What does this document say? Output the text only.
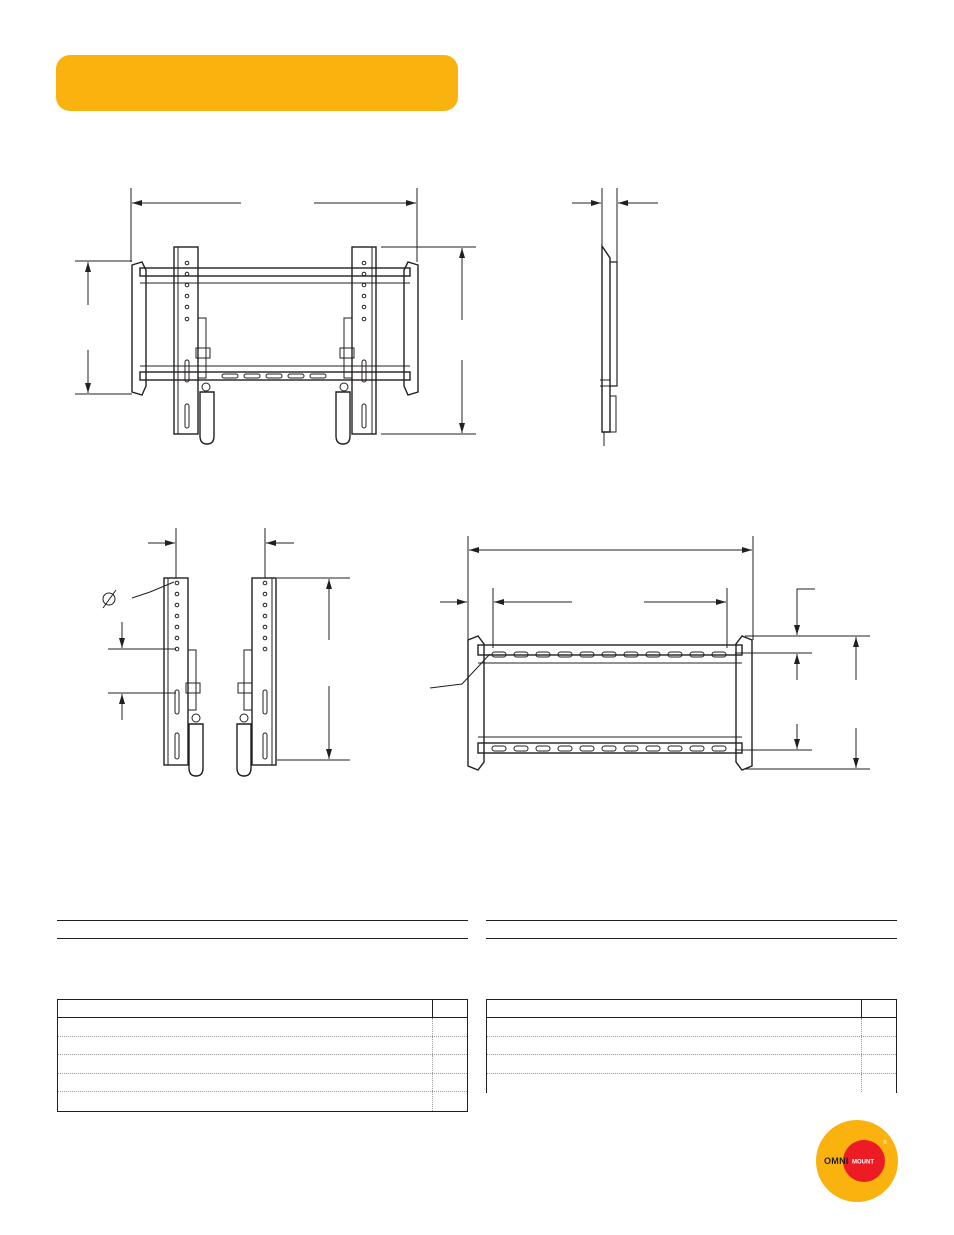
OMNI MOUNT
®
